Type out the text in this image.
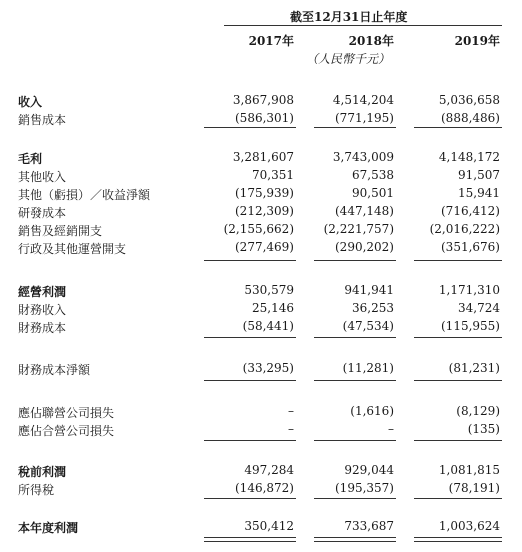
截至12月31日止年度
2017年	2018年	2019年
（人民幣千元）
收入	3,867,908	4,514,204	5,036,658
銷售成本	(586,301)	(771,195)	(888,486)
毛利	3,281,607	3,743,009	4,148,172
其他收入	70,351	67,538	91,507
其他（虧損）／收益淨額	(175,939)	90,501	15,941
研發成本	(212,309)	(447,148)	(716,412)
銷售及經銷開支	(2,155,662) (2,221,757)	(2,016,222)
行政及其他運營開支	(277,469)	(290,202)	(351,676)
經營利潤	530,579	941,941	1,171,310
財務收入	25,146	36,253	34,724
財務成本	(58,441)	(47,534)	(115,955)
財務成本淨額	(33,295)	(11,281)	(81,231)
應佔聯營公司損失	–	(1,616)	(8,129)
應佔合營公司損失	–	–	(135)
稅前利潤	497,284	929,044	1,081,815
所得稅	(146,872)	(195,357)	(78,191)
本年度利潤	350,412	733,687	1,003,624
